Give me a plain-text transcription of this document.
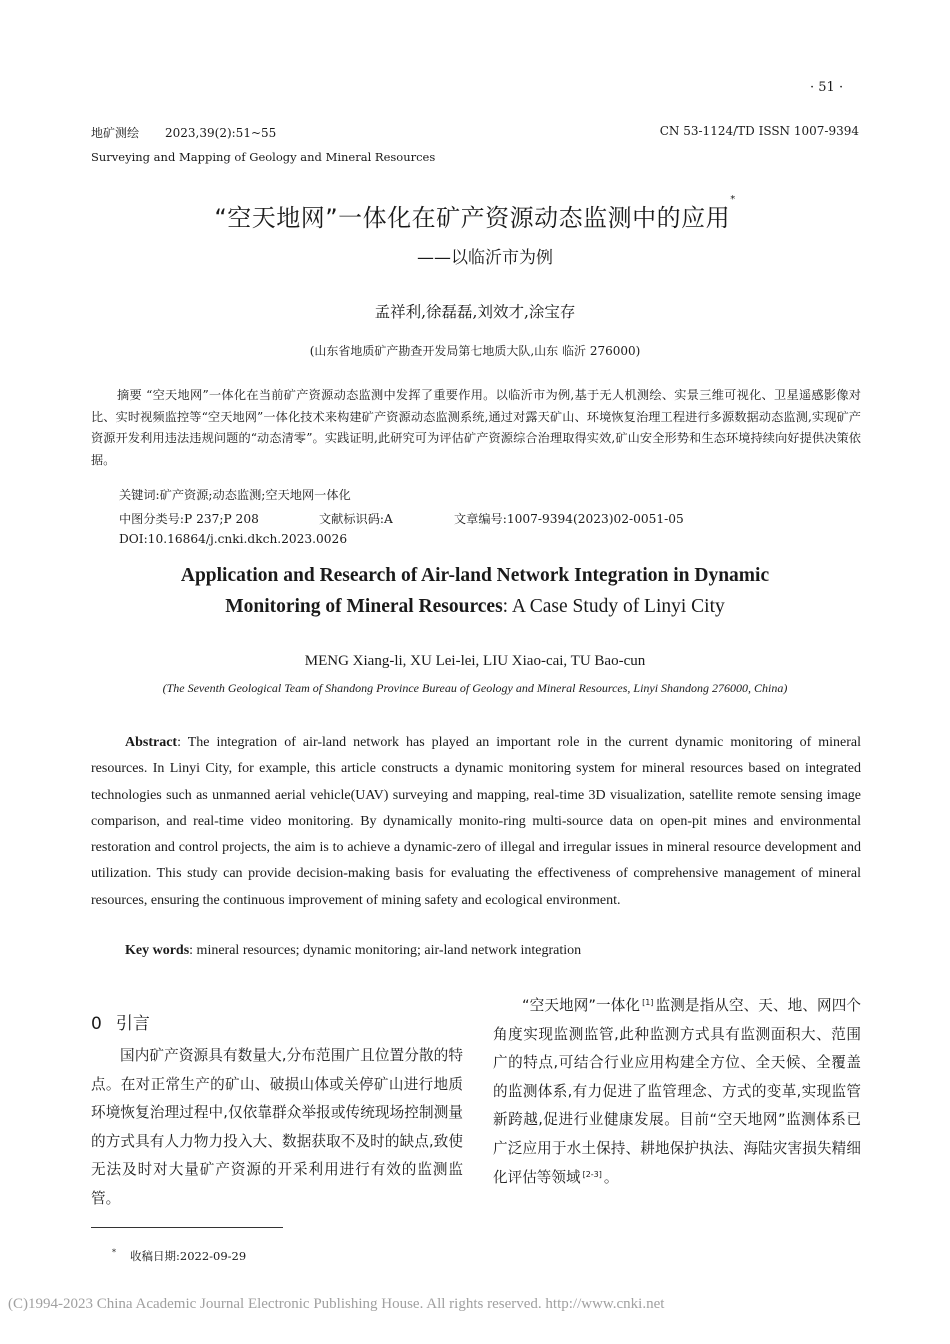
· 51 ·
地矿测绘 2023,39(2):51~55	CN 53-1124/TD ISSN 1007-9394
Surveying and Mapping of Geology and Mineral Resources
“空天地网”一体化在矿产资源动态监测中的应用*
——以临沂市为例
孟祥利,徐磊磊,刘效才,涂宝存
(山东省地质矿产勘查开发局第七地质大队,山东 临沂 276000)
摘要 “空天地网”一体化在当前矿产资源动态监测中发挥了重要作用。以临沂市为例,基于无人机测绘、实景三维可视化、卫星遥感影像对比、实时视频监控等“空天地网”一体化技术来构建矿产资源动态监测系统,通过对露天矿山、环境恢复治理工程进行多源数据动态监测,实现矿产资源开发利用违法违规问题的“动态清零”。实践证明,此研究可为评估矿产资源综合治理取得实效,矿山安全形势和生态环境持续向好提供决策依据。
关键词:矿产资源;动态监测;空天地网一体化
中图分类号:P 237;P 208	文献标识码:A	文章编号:1007-9394(2023)02-0051-05
DOI:10.16864/j.cnki.dkch.2023.0026
Application and Research of Air-land Network Integration in Dynamic
Monitoring of Mineral Resources: A Case Study of Linyi City
MENG Xiang-li, XU Lei-lei, LIU Xiao-cai, TU Bao-cun
(The Seventh Geological Team of Shandong Province Bureau of Geology and Mineral Resources, Linyi Shandong 276000, China)
Abstract: The integration of air-land network has played an important role in the current dynamic monitoring of mineral resources. In Linyi City, for example, this article constructs a dynamic monitoring system for mineral resources based on integrated technologies such as unmanned aerial vehicle(UAV) surveying and mapping, real-time 3D visualization, satellite remote sensing image comparison, and real-time video monitoring. By dynamically monito-ring multi-source data on open-pit mines and environmental restoration and control projects, the aim is to achieve a dynamic-zero of illegal and irregular issues in mineral resource development and utilization. This study can provide decision-making basis for evaluating the effectiveness of comprehensive management of mineral resources, ensuring the continuous improvement of mining safety and ecological environment.
Key words: mineral resources; dynamic monitoring; air-land network integration
0 引言
国内矿产资源具有数量大,分布范围广且位置分散的特点。在对正常生产的矿山、破损山体或关停矿山进行地质环境恢复治理过程中,仅依靠群众举报或传统现场控制测量的方式具有人力物力投入大、数据获取不及时的缺点,致使无法及时对大量矿产资源的开采利用进行有效的监测监管。
“空天地网”一体化 [1] 监测是指从空、天、地、网四个角度实现监测监管,此种监测方式具有监测面积大、范围广的特点,可结合行业应用构建全方位、全天候、全覆盖的监测体系,有力促进了监管理念、方式的变革,实现监管新跨越,促进行业健康发展。目前“空天地网”监测体系已广泛应用于水土保持、耕地保护执法、海陆灾害损失精细化评估等领域 [2-3] 。
* 收稿日期:2022-09-29
(C)1994-2023 China Academic Journal Electronic Publishing House. All rights reserved. http://www.cnki.net
